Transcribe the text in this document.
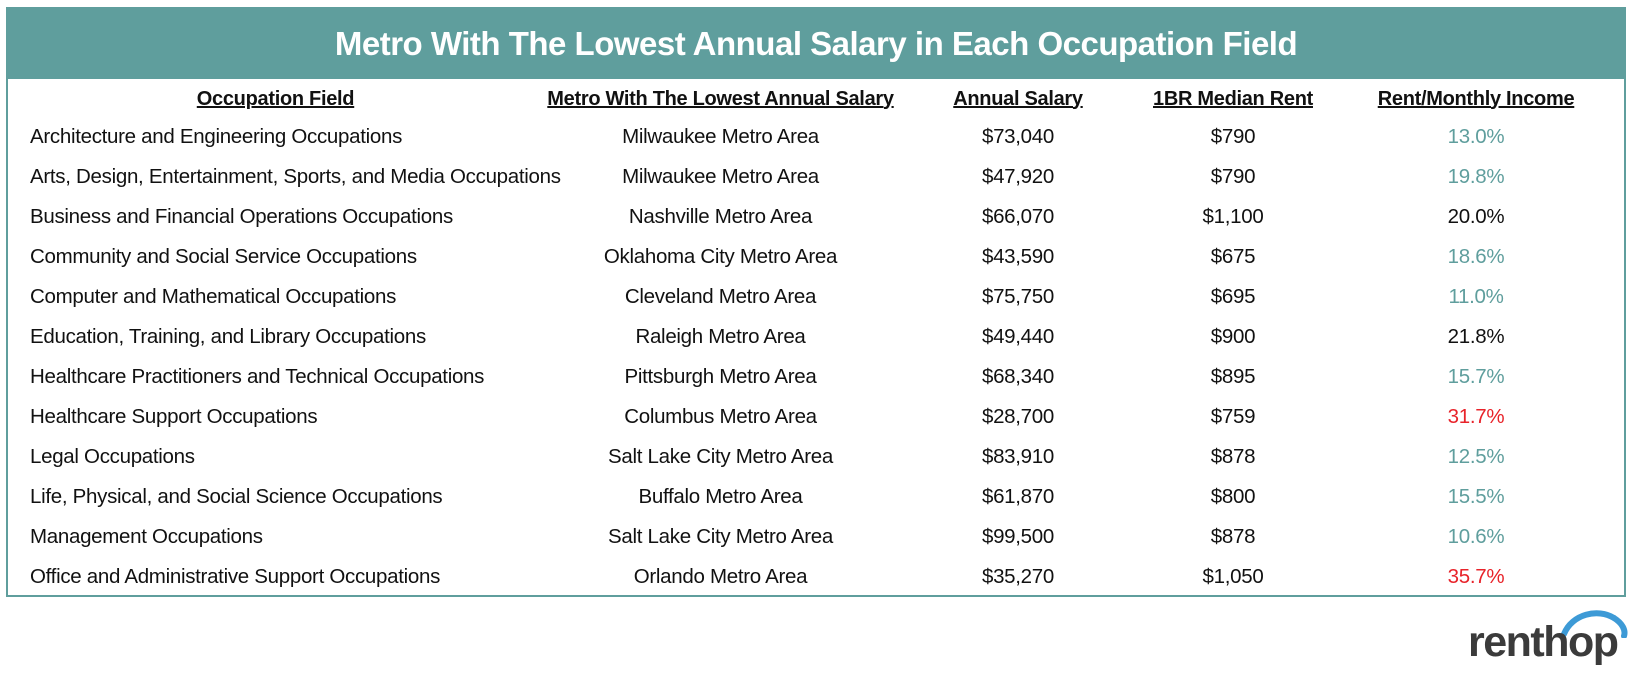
Metro With The Lowest Annual Salary in Each Occupation Field
Occupation Field	Metro With The Lowest Annual Salary	Annual Salary	1BR Median Rent	Rent/Monthly Income
Architecture and Engineering Occupations	Milwaukee Metro Area	$73,040	$790	13.0%
Arts, Design, Entertainment, Sports, and Media Occupations	Milwaukee Metro Area	$47,920	$790	19.8%
Business and Financial Operations Occupations	Nashville Metro Area	$66,070	$1,100	20.0%
Community and Social Service Occupations	Oklahoma City Metro Area	$43,590	$675	18.6%
Computer and Mathematical Occupations	Cleveland Metro Area	$75,750	$695	11.0%
Education, Training, and Library Occupations	Raleigh Metro Area	$49,440	$900	21.8%
Healthcare Practitioners and Technical Occupations	Pittsburgh Metro Area	$68,340	$895	15.7%
Healthcare Support Occupations	Columbus Metro Area	$28,700	$759	31.7%
Legal Occupations	Salt Lake City Metro Area	$83,910	$878	12.5%
Life, Physical, and Social Science Occupations	Buffalo Metro Area	$61,870	$800	15.5%
Management Occupations	Salt Lake City Metro Area	$99,500	$878	10.6%
Office and Administrative Support Occupations	Orlando Metro Area	$35,270	$1,050	35.7%
renthop
